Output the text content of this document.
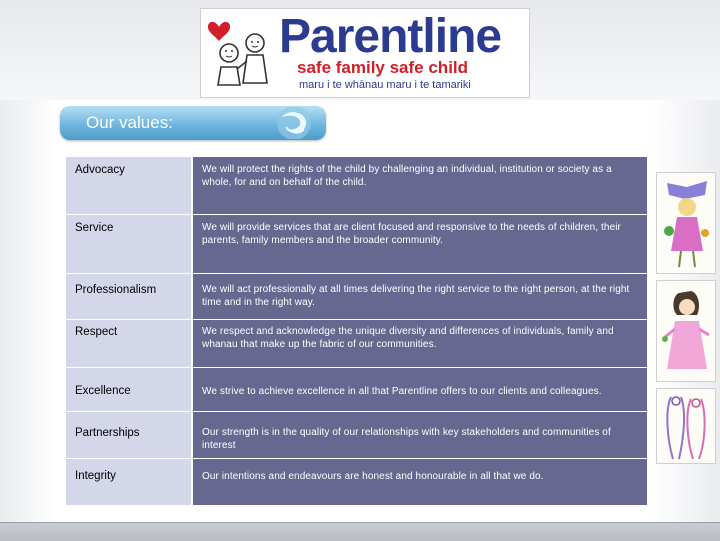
Parentline
safe family safe child
maru i te whānau maru i te tamariki
Our values:
Advocacy	We will protect the rights of the child by challenging an individual, institution or society as a whole, for and on behalf of the child.
Service	We will provide services that are client focused and responsive to the needs of children, their parents, family members and the broader community.
Professionalism	We will act professionally at all times delivering the right service to the right person, at the right time and in the right way.
Respect	We respect and acknowledge the unique diversity and differences of individuals, family and whanau that make up the fabric of our communities.
Excellence	We strive to achieve excellence in all that Parentline offers to our clients and colleagues.
Partnerships	Our strength is in the quality of our relationships with key stakeholders and communities of interest
Integrity	Our intentions and endeavours are honest and honourable in all that we do.
